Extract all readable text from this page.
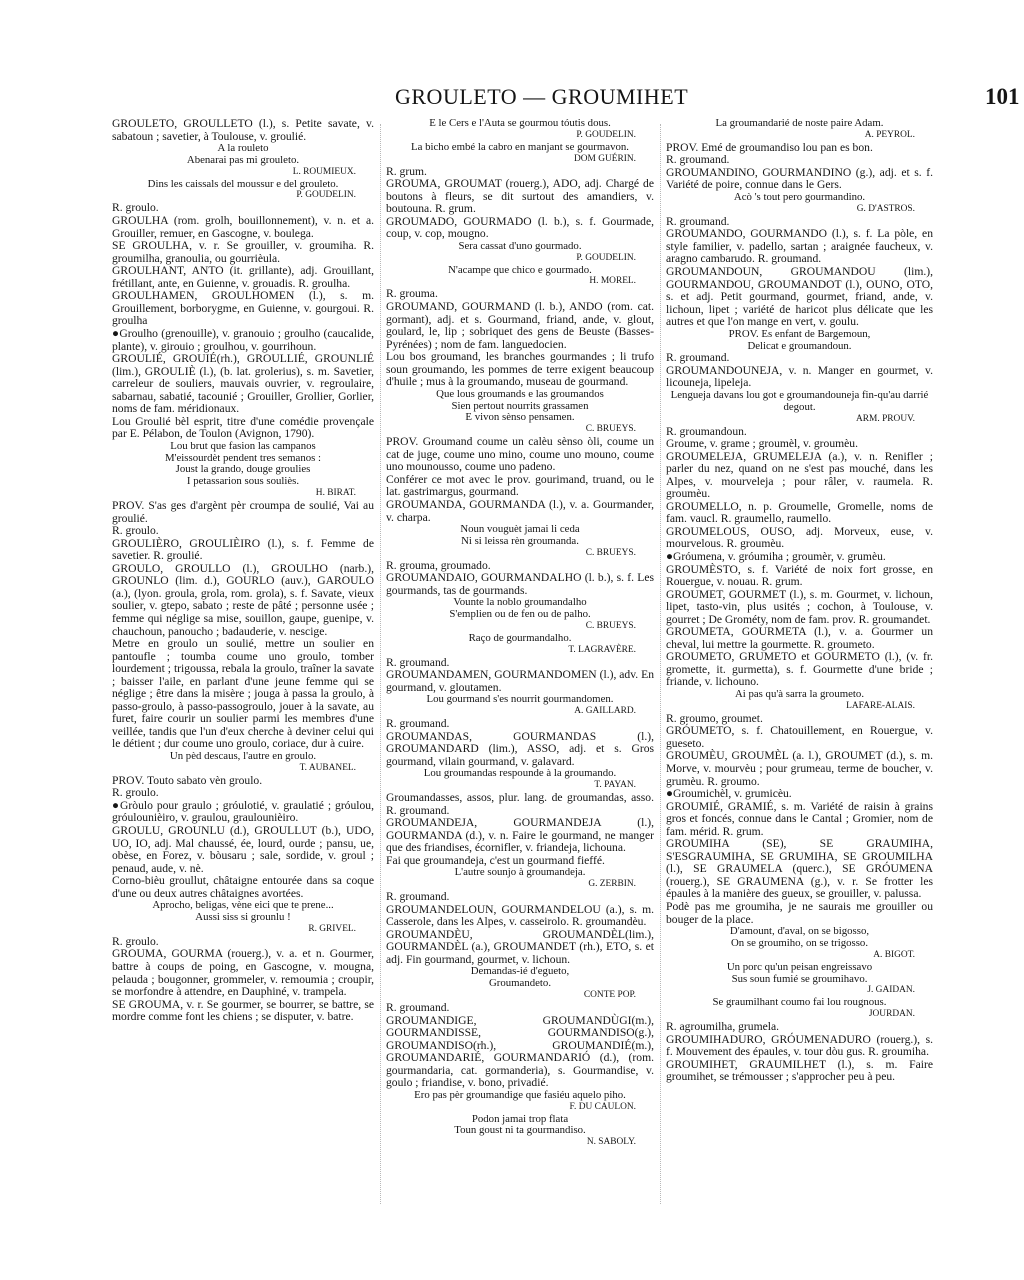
GROULETO — GROUMIHET	101
GROULETO, GROULLETO (l.), s. Petite savate, v. sabatoun ; savetier, à Toulouse, v. groulié.
A la rouleto
Abenarai pas mi grouleto.
L. ROUMIEUX.
Dins les caissals del moussur e del grouleto.
P. GOUDELIN.
R. groulo.
GROULHA (rom. grolh, bouillonnement), v. n. et a. Grouiller, remuer, en Gascogne, v. boulega.
SE GROULHA, v. r. Se grouiller, v. groumiha. R. groumilha, granoulia, ou gourrièula.
GROULHANT, ANTO (it. grillante), adj. Grouillant, frétillant, ante, en Guienne, v. grouadis. R. groulha.
GROULHAMEN, GROULHOMEN (l.), s. m. Grouillement, borborygme, en Guienne, v. gourgoui. R. groulha
●Groulho (grenouille), v. granouio ; groulho (caucalide, plante), v. girouio ; groulhou, v. gourrihoun.
GROULIÉ, GROUIÉ(rh.), GROULLIÉ, GROUNLIÉ (lim.), GROULIÈ (l.), (b. lat. grolerius), s. m. Savetier, carreleur de souliers, mauvais ouvrier, v. regroulaire, sabarnau, sabatié, tacounié ; Grouiller, Grollier, Gorlier, noms de fam. méridionaux.
Lou Groulié bèl esprit, titre d'une comédie provençale par E. Pélabon, de Toulon (Avignon, 1790).
Lou brut que fasion las campanos
M'eissourdèt pendent tres semanos :
Joust la grando, douge groulies
I petassarion sous souliès.
H. BIRAT.
PROV. S'as ges d'argènt pèr croumpa de soulié, Vai au groulié.
R. groulo.
GROULIÈRO, GROULIÈIRO (l.), s. f. Femme de savetier. R. groulié.
GROULO, GROULLO (l.), GROULHO (narb.), GROUNLO (lim. d.), GOURLO (auv.), GAROULO (a.), (lyon. groula, grola, rom. grola), s. f. Savate, vieux soulier, v. gtepo, sabato ; reste de pâté ; personne usée ; femme qui néglige sa mise, souillon, gaupe, guenipe, v. chauchoun, panoucho ; badauderie, v. nescige.
Metre en groulo un soulié, mettre un soulier en pantoufle ; toumba coume uno groulo, tomber lourdement ; trigoussa, rebala la groulo, traîner la savate ; baisser l'aile, en parlant d'une jeune femme qui se néglige ; être dans la misère ; jouga à passa la groulo, à passo-groulo, à passo-passogroulo, jouer à la savate, au furet, faire courir un soulier parmi les membres d'une veillée, tandis que l'un d'eux cherche à deviner celui qui le détient ; dur coume uno groulo, coriace, dur à cuire.
Un pèd descaus, l'autre en groulo.
T. AUBANEL.
PROV. Touto sabato vèn groulo.
R. groulo.
●Gròulo pour graulo ; gróulotié, v. graulatié ; gróulou, gróulounièiro, v. graulou, graulounièiro.
GROULU, GROUNLU (d.), GROULLUT (b.), UDO, UO, IO, adj. Mal chaussé, ée, lourd, ourde ; pansu, ue, obèse, en Forez, v. bòusaru ; sale, sordide, v. groul ; penaud, aude, v. nè.
Corno-bièu groullut, châtaigne entourée dans sa coque d'une ou deux autres châtaignes avortées.
Aprocho, beligas, vène eici que te prene...
Aussi siss si grounlu !
R. GRIVEL.
R. groulo.
GROUMA, GOURMA (rouerg.), v. a. et n. Gourmer, battre à coups de poing, en Gascogne, v. mougna, pelauda ; bougonner, grommeler, v. remoumia ; croupir, se morfondre à attendre, en Dauphiné, v. trampela.
SE GROUMA, v. r. Se gourmer, se bourrer, se battre, se mordre comme font les chiens ; se disputer, v. batre.
E le Cers e l'Auta se gourmou tóutis dous.
P. GOUDELIN.
La bicho embé la cabro en manjant se gourmavon.
DOM GUÉRIN.
R. grum.
GROUMA, GROUMAT (rouerg.), ADO, adj. Chargé de boutons à fleurs, se dit surtout des amandiers, v. boutouna. R. grum.
GROUMADO, GOURMADO (l. b.), s. f. Gourmade, coup, v. cop, mougno.
Sera cassat d'uno gourmado.
P. GOUDELIN.
N'acampe que chico e gourmado.
H. MOREL.
R. grouma.
GROUMAND, GOURMAND (l. b.), ANDO (rom. cat. gormant), adj. et s. Gourmand, friand, ande, v. glout, goulard, le, lip ; sobriquet des gens de Beuste (Basses-Pyrénées) ; nom de fam. languedocien.
Lou bos groumand, les branches gourmandes ; li trufo soun groumando, les pommes de terre exigent beaucoup d'huile ; mus à la groumando, museau de gourmand.
Que lous groumands e las groumandos
Sien pertout nourrits grassamen
E vivon sènso pensamen.
C. BRUEYS.
PROV. Groumand coume un calèu sènso òli, coume un cat de juge, coume uno mino, coume uno mouno, coume uno mounousso, coume uno padeno.
Conférer ce mot avec le prov. gourimand, truand, ou le lat. gastrimargus, gourmand.
GROUMANDA, GOURMANDA (l.), v. a. Gourmander, v. charpa.
Noun vouguèt jamai li ceda
Ni si leissa rèn groumanda.
C. BRUEYS.
R. grouma, groumado.
GROUMANDAIO, GOURMANDALHO (l. b.), s. f. Les gourmands, tas de gourmands.
Vounte la noblo groumandalho
S'emplien ou de fen ou de palho.
C. BRUEYS.
Raço de gourmandalho.
T. LAGRAVÈRE.
R. groumand.
GROUMANDAMEN, GOURMANDOMEN (l.), adv. En gourmand, v. gloutamen.
Lou gourmand s'es nourrit gourmandomen.
A. GAILLARD.
R. groumand.
GROUMANDAS, GOURMANDAS (l.), GROUMANDARD (lim.), ASSO, adj. et s. Gros gourmand, vilain gourmand, v. galavard.
Lou groumandas respounde à la groumando.
T. PAYAN.
Groumandasses, assos, plur. lang. de groumandas, asso. R. groumand.
GROUMANDEJA, GOURMANDEJA (l.), GOURMANDA (d.), v. n. Faire le gourmand, ne manger que des friandises, écornifler, v. friandeja, lichouna.
Fai que groumandeja, c'est un gourmand fieffé.
L'autre sounjo à groumandeja.
G. ZERBIN.
R. groumand.
GROUMANDELOUN, GOURMANDELOU (a.), s. m. Casserole, dans les Alpes, v. casseirolo. R. groumandèu.
GROUMANDÈU, GROUMANDÈL(lim.), GOURMANDÈL (a.), GROUMANDET (rh.), ETO, s. et adj. Fin gourmand, gourmet, v. lichoun.
Demandas-ié d'egueto,
Groumandeto.
CONTE POP.
R. groumand.
GROUMANDIGE, GROUMANDÙGI(m.), GOURMANDISSE, GOURMANDISO(g.), GROUMANDISO(rh.), GROUMANDIÉ(m.), GROUMANDARIÉ, GOURMANDARIÓ (d.), (rom. gourmandaria, cat. gormanderia), s. Gourmandise, v. goulo ; friandise, v. bono, privadié.
Ero pas pèr groumandige que fasiéu aquelo piho.
F. DU CAULON.
Podon jamai trop flata
Toun goust ni ta gourmandiso.
N. SABOLY.
La groumandarié de noste paire Adam.
A. PEYROL.
PROV. Emé de groumandiso lou pan es bon.
R. groumand.
GROUMANDINO, GOURMANDINO (g.), adj. et s. f. Variété de poire, connue dans le Gers.
Acò 's tout pero gourmandino.
G. D'ASTROS.
R. groumand.
GROUMANDO, GOURMANDO (l.), s. f. La pòle, en style familier, v. padello, sartan ; araignée faucheux, v. aragno cambarudo. R. groumand.
GROUMANDOUN, GROUMANDOU (lim.), GOURMANDOU, GROUMANDOT (l.), OUNO, OTO, s. et adj. Petit gourmand, gourmet, friand, ande, v. lichoun, lipet ; variété de haricot plus délicate que les autres et que l'on mange en vert, v. goulu.
PROV. Es enfant de Bargemoun,
Delicat e groumandoun.
R. groumand.
GROUMANDOUNEJA, v. n. Manger en gourmet, v. licouneja, lipeleja.
Lengueja davans lou got e groumandouneja fin-qu'au darrié degout.
ARM. PROUV.
R. groumandoun.
Groume, v. grame ; groumèl, v. groumèu.
GROUMELEJA, GRUMELEJA (a.), v. n. Renifler ; parler du nez, quand on ne s'est pas mouché, dans les Alpes, v. mourveleja ; pour râler, v. raumela. R. groumèu.
GROUMELLO, n. p. Groumelle, Gromelle, noms de fam. vaucl. R. graumello, raumello.
GROUMELOUS, OUSO, adj. Morveux, euse, v. mourvelous. R. groumèu.
●Gróumena, v. gróumiha ; groumèr, v. grumèu.
GROUMÈSTO, s. f. Variété de noix fort grosse, en Rouergue, v. nouau. R. grum.
GROUMET, GOURMET (l.), s. m. Gourmet, v. lichoun, lipet, tasto-vin, plus usités ; cochon, à Toulouse, v. gourret ; De Grométy, nom de fam. prov. R. groumandet.
GROUMETA, GOURMETA (l.), v. a. Gourmer un cheval, lui mettre la gourmette. R. groumeto.
GROUMETO, GRUMETO et GOURMETO (l.), (v. fr. gromette, it. gurmetta), s. f. Gourmette d'une bride ; friande, v. lichouno.
Ai pas qu'à sarra la groumeto.
LAFARE-ALAIS.
R. groumo, groumet.
GRÓUMETO, s. f. Chatouillement, en Rouergue, v. gueseto.
GROUMÈU, GROUMÈL (a. l.), GROUMET (d.), s. m. Morve, v. mourvèu ; pour grumeau, terme de boucher, v. grumèu. R. groumo.
●Groumichèl, v. grumicèu.
GROUMIÉ, GRAMIÉ, s. m. Variété de raisin à grains gros et foncés, connue dans le Cantal ; Gromier, nom de fam. mérid. R. grum.
GROUMIHA (SE), SE GRAUMIHA, S'ESGRAUMIHA, SE GRUMIHA, SE GROUMILHA (l.), SE GRAUMELA (querc.), SE GRÓUMENA (rouerg.), SE GRAUMENA (g.), v. r. Se frotter les épaules à la manière des gueux, se grouiller, v. palussa.
Podè pas me groumiha, je ne saurais me grouiller ou bouger de la place.
D'amount, d'aval, on se bigosso,
On se groumiho, on se trigosso.
A. BIGOT.
Un porc qu'un peisan engreissavo
Sus soun fumié se groumihavo.
J. GAIDAN.
Se graumilhant coumo fai lou rougnous.
JOURDAN.
R. agroumilha, grumela.
GROUMIHADURO, GRÓUMENADURO (rouerg.), s. f. Mouvement des épaules, v. tour dòu gus. R. groumiha.
GROUMIHET, GRAUMILHET (l.), s. m. Faire groumihet, se trémousser ; s'approcher peu à peu.
